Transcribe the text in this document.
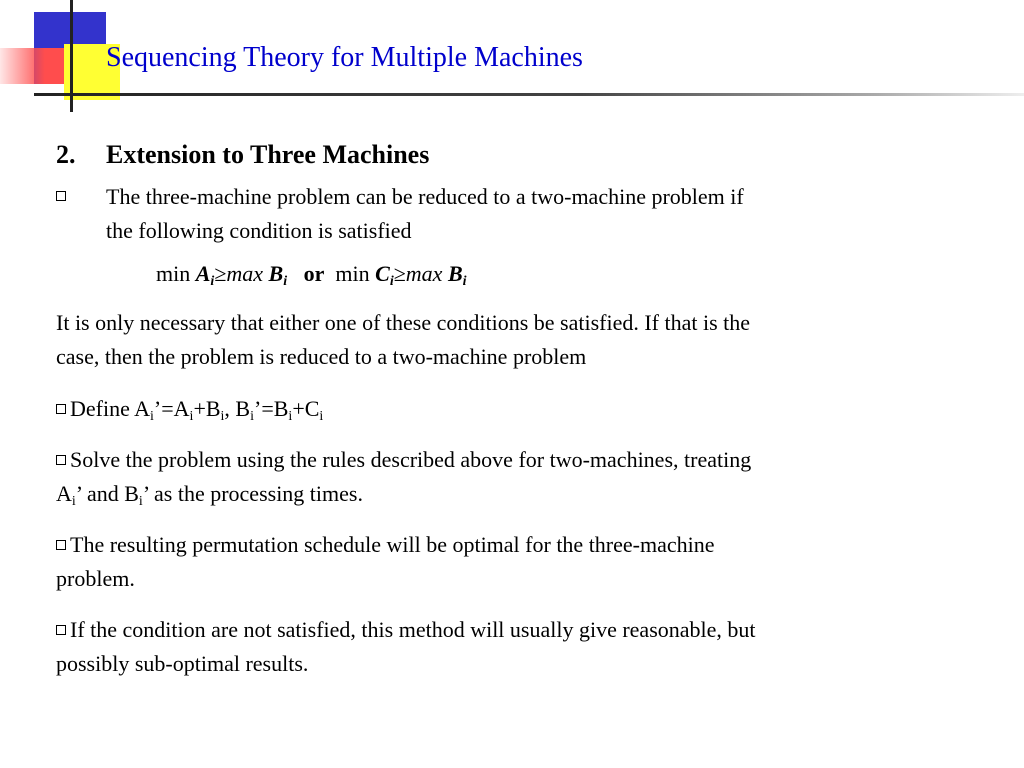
Sequencing Theory for Multiple Machines
2. Extension to Three Machines
The three-machine problem can be reduced to a two-machine problem if
the following condition is satisfied
$\min A_i\ge\max$ $B_i$ or $\min C_i\ge\max$ $B_i$
It is only necessary that either one of these conditions be satisfied. If that is the
case, then the problem is reduced to a two-machine problem
Define $A_i’=A_i+B_i$, $B_i’=B_i+C_i$
Solve the problem using the rules described above for two-machines, treating
$A_i$’ and $B_i$’ as the processing times.
The resulting permutation schedule will be optimal for the three-machine
problem.
If the condition are not satisfied, this method will usually give reasonable, but
possibly sub-optimal results.
